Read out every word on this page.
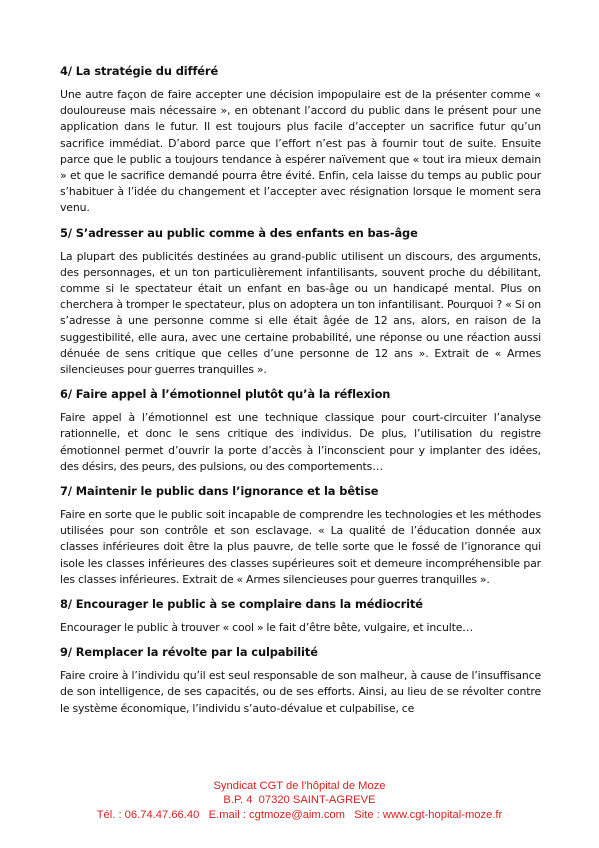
4/ La stratégie du différé
Une autre façon de faire accepter une décision impopulaire est de la présenter comme « douloureuse mais nécessaire », en obtenant l’accord du public dans le présent pour une application dans le futur. Il est toujours plus facile d’accepter un sacrifice futur qu’un sacrifice immédiat. D’abord parce que l’effort n’est pas à fournir tout de suite. Ensuite parce que le public a toujours tendance à espérer naïvement que « tout ira mieux demain » et que le sacrifice demandé pourra être évité. Enfin, cela laisse du temps au public pour s’habituer à l’idée du changement et l’accepter avec résignation lorsque le moment sera venu.
5/ S’adresser au public comme à des enfants en bas-âge
La plupart des publicités destinées au grand-public utilisent un discours, des arguments, des personnages, et un ton particulièrement infantilisants, souvent proche du débilitant, comme si le spectateur était un enfant en bas-âge ou un handicapé mental. Plus on cherchera à tromper le spectateur, plus on adoptera un ton infantilisant. Pourquoi ? « Si on s’adresse à une personne comme si elle était âgée de 12 ans, alors, en raison de la suggestibilité, elle aura, avec une certaine probabilité, une réponse ou une réaction aussi dénuée de sens critique que celles d’une personne de 12 ans ». Extrait de « Armes silencieuses pour guerres tranquilles ».
6/ Faire appel à l’émotionnel plutôt qu’à la réflexion
Faire appel à l’émotionnel est une technique classique pour court-circuiter l’analyse rationnelle, et donc le sens critique des individus. De plus, l’utilisation du registre émotionnel permet d’ouvrir la porte d’accès à l’inconscient pour y implanter des idées, des désirs, des peurs, des pulsions, ou des comportements…
7/ Maintenir le public dans l’ignorance et la bêtise
Faire en sorte que le public soit incapable de comprendre les technologies et les méthodes utilisées pour son contrôle et son esclavage. « La qualité de l’éducation donnée aux classes inférieures doit être la plus pauvre, de telle sorte que le fossé de l’ignorance qui isole les classes inférieures des classes supérieures soit et demeure incompréhensible par les classes inférieures. Extrait de « Armes silencieuses pour guerres tranquilles ».
8/ Encourager le public à se complaire dans la médiocrité
Encourager le public à trouver « cool » le fait d’être bête, vulgaire, et inculte…
9/ Remplacer la révolte par la culpabilité
Faire croire à l’individu qu’il est seul responsable de son malheur, à cause de l’insuffisance de son intelligence, de ses capacités, ou de ses efforts. Ainsi, au lieu de se révolter contre le système économique, l’individu s’auto-dévalue et culpabilise, ce
Syndicat CGT de l’hôpital de Moze
B.P. 4  07320 SAINT-AGREVE
Tél. : 06.74.47.66.40   E.mail : cgtmoze@aim.com   Site : www.cgt-hopital-moze.fr
